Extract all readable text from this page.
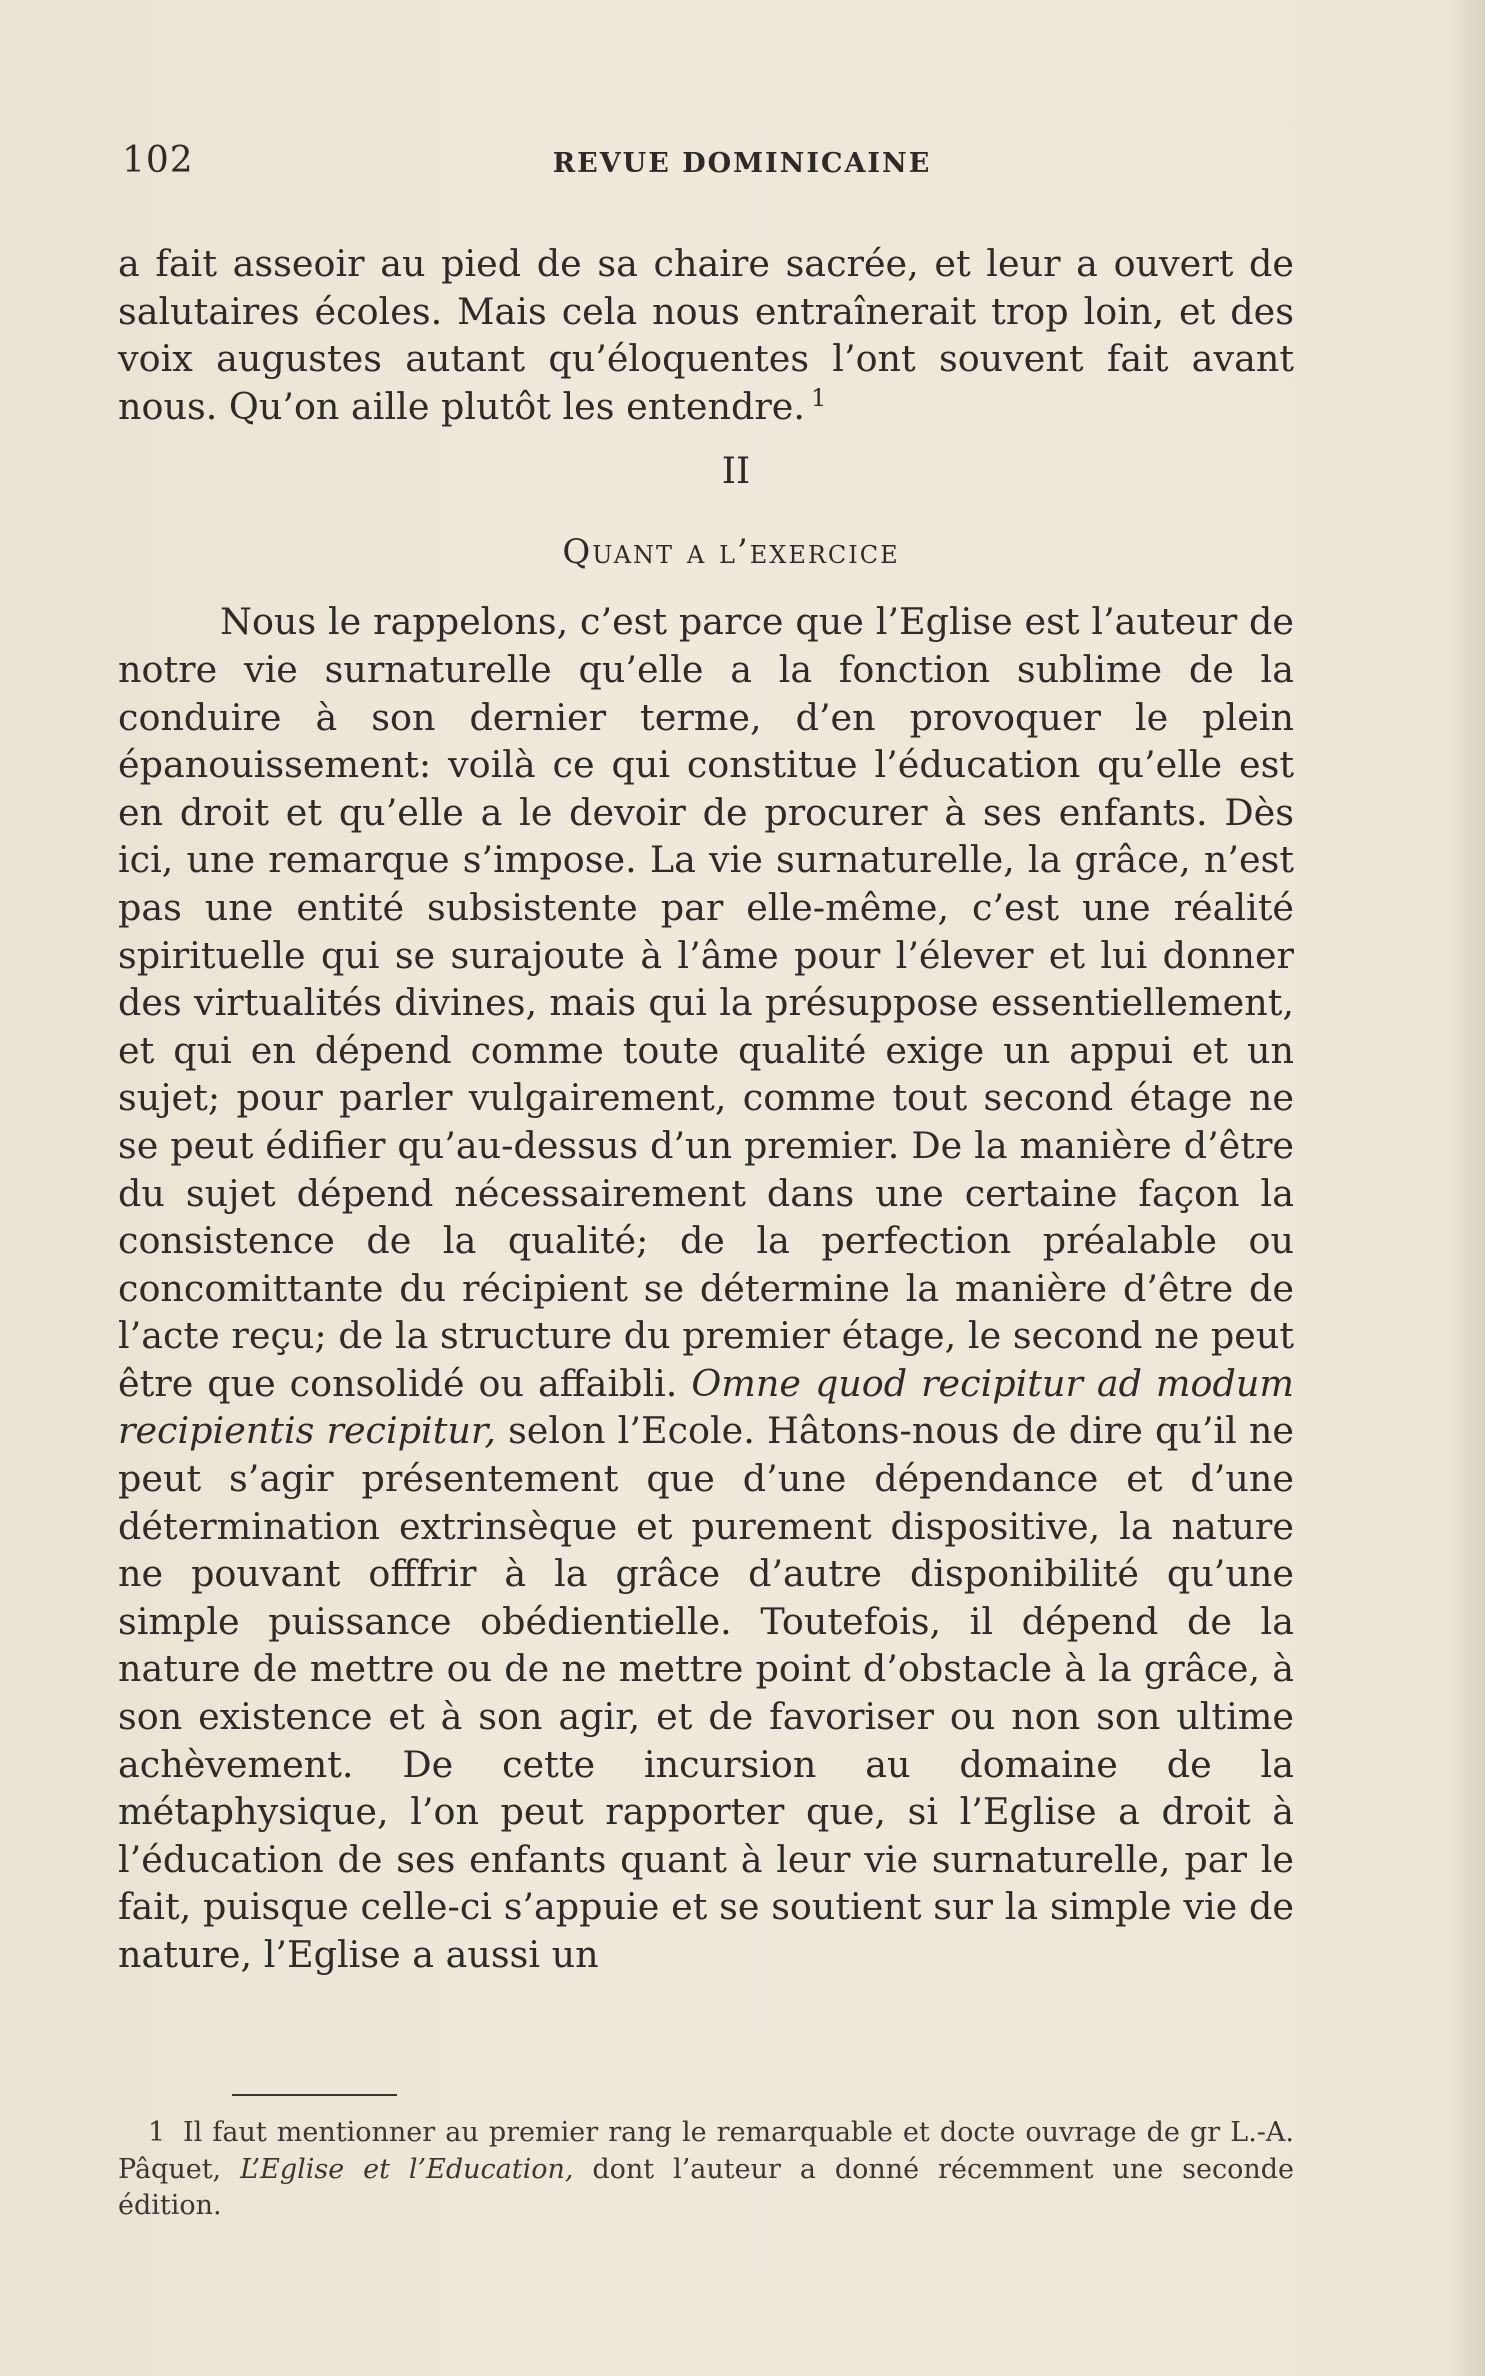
102	REVUE DOMINICAINE

a fait asseoir au pied de sa chaire sacrée, et leur a ouvert de salutaires écoles. Mais cela nous entraînerait trop loin, et des voix augustes autant qu’éloquentes l’ont souvent fait avant nous. Qu’on aille plutôt les entendre. $^1$

II

Quant a l’exercice

Nous le rappelons, c’est parce que l’Eglise est l’auteur de notre vie surnaturelle qu’elle a la fonction sublime de la conduire à son dernier terme, d’en provoquer le plein épanouissement: voilà ce qui constitue l’éducation qu’elle est en droit et qu’elle a le devoir de procurer à ses enfants. Dès ici, une remarque s’impose. La vie surnaturelle, la grâce, n’est pas une entité subsistente par elle-même, c’est une réalité spirituelle qui se surajoute à l’âme pour l’élever et lui donner des virtualités divines, mais qui la présuppose essentiellement, et qui en dépend comme toute qualité exige un appui et un sujet; pour parler vulgairement, comme tout second étage ne se peut édifier qu’au-dessus d’un premier. De la manière d’être du sujet dépend nécessairement dans une certaine façon la consistence de la qualité; de la perfection préalable ou concomittante du récipient se détermine la manière d’être de l’acte reçu; de la structure du premier étage, le second ne peut être que consolidé ou affaibli. Omne quod recipitur ad modum recipientis recipitur, selon l’Ecole. Hâtons-nous de dire qu’il ne peut s’agir présentement que d’une dépendance et d’une détermination extrinsèque et purement dispositive, la nature ne pouvant offfrir à la grâce d’autre disponibilité qu’une simple puissance obédientielle. Toutefois, il dépend de la nature de mettre ou de ne mettre point d’obstacle à la grâce, à son existence et à son agir, et de favoriser ou non son ultime achèvement. De cette incursion au domaine de la métaphysique, l’on peut rapporter que, si l’Eglise a droit à l’éducation de ses enfants quant à leur vie surnaturelle, par le fait, puisque celle-ci s’appuie et se soutient sur la simple vie de nature, l’Eglise a aussi un

1 Il faut mentionner au premier rang le remarquable et docte ouvrage de gr L.-A. Pâquet, L’Eglise et l’Education, dont l’auteur a donné récemment une seconde édition.
